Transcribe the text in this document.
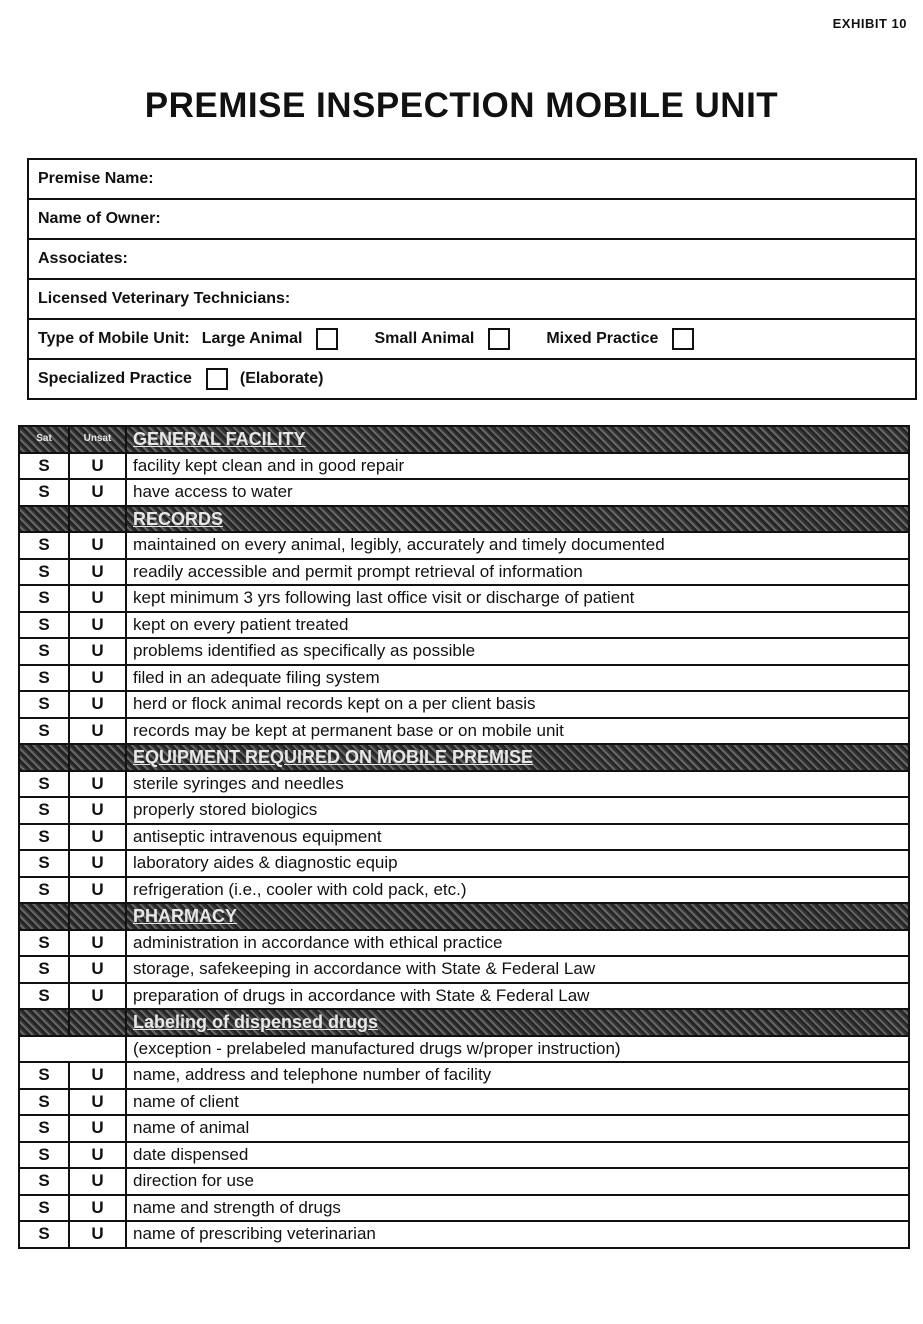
EXHIBIT 10
PREMISE INSPECTION MOBILE UNIT
Premise Name:
Name of Owner:
Associates:
Licensed Veterinary Technicians:
Type of Mobile Unit: Large Animal	Small Animal	Mixed Practice
Specialized Practice	(Elaborate)
Sat	Unsat	GENERAL FACILITY
S	U	facility kept clean and in good repair
S	U	have access to water
		RECORDS
S	U	maintained on every animal, legibly, accurately and timely documented
S	U	readily accessible and permit prompt retrieval of information
S	U	kept minimum 3 yrs following last office visit or discharge of patient
S	U	kept on every patient treated
S	U	problems identified as specifically as possible
S	U	filed in an adequate filing system
S	U	herd or flock animal records kept on a per client basis
S	U	records may be kept at permanent base or on mobile unit
		EQUIPMENT REQUIRED ON MOBILE PREMISE
S	U	sterile syringes and needles
S	U	properly stored biologics
S	U	antiseptic intravenous equipment
S	U	laboratory aides & diagnostic equip
S	U	refrigeration (i.e., cooler with cold pack, etc.)
		PHARMACY
S	U	administration in accordance with ethical practice
S	U	storage, safekeeping in accordance with State & Federal Law
S	U	preparation of drugs in accordance with State & Federal Law
		Labeling of dispensed drugs
		(exception - prelabeled manufactured drugs w/proper instruction)
S	U	name, address and telephone number of facility
S	U	name of client
S	U	name of animal
S	U	date dispensed
S	U	direction for use
S	U	name and strength of drugs
S	U	name of prescribing veterinarian
